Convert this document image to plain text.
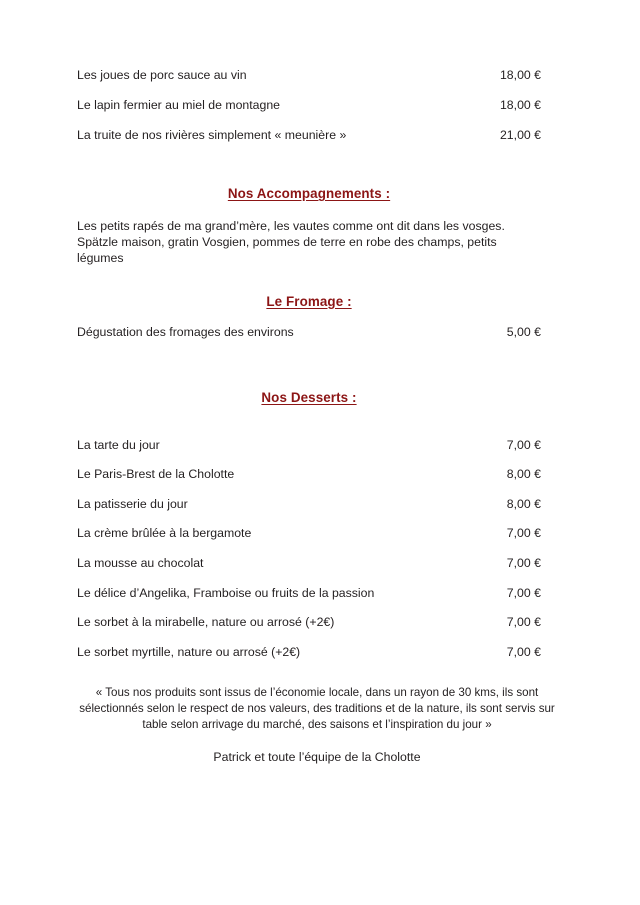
Les joues de porc sauce au vin	18,00 €
Le lapin fermier au miel de montagne	18,00 €
La truite de nos rivières simplement « meunière »	21,00 €
Nos Accompagnements :
Les petits rapés de ma grand’mère, les vautes comme ont dit dans les vosges. Spätzle maison, gratin Vosgien, pommes de terre en robe des champs, petits légumes
Le Fromage :
Dégustation des fromages des environs	5,00 €
Nos Desserts :
La tarte du jour	7,00 €
Le Paris-Brest de la Cholotte	8,00 €
La patisserie du jour	8,00 €
La crème brûlée à la bergamote	7,00 €
La mousse au chocolat	7,00 €
Le délice d’Angelika, Framboise ou fruits de la passion	7,00 €
Le sorbet à la mirabelle, nature ou arrosé (+2€)	7,00 €
Le sorbet myrtille, nature ou arrosé (+2€)	7,00 €
« Tous nos produits sont issus de l’économie locale, dans un rayon de 30 kms, ils sont sélectionnés selon le respect de nos valeurs, des traditions et de la nature, ils sont servis sur table selon arrivage du marché, des saisons et l’inspiration du jour »
Patrick et toute l’équipe de la Cholotte
